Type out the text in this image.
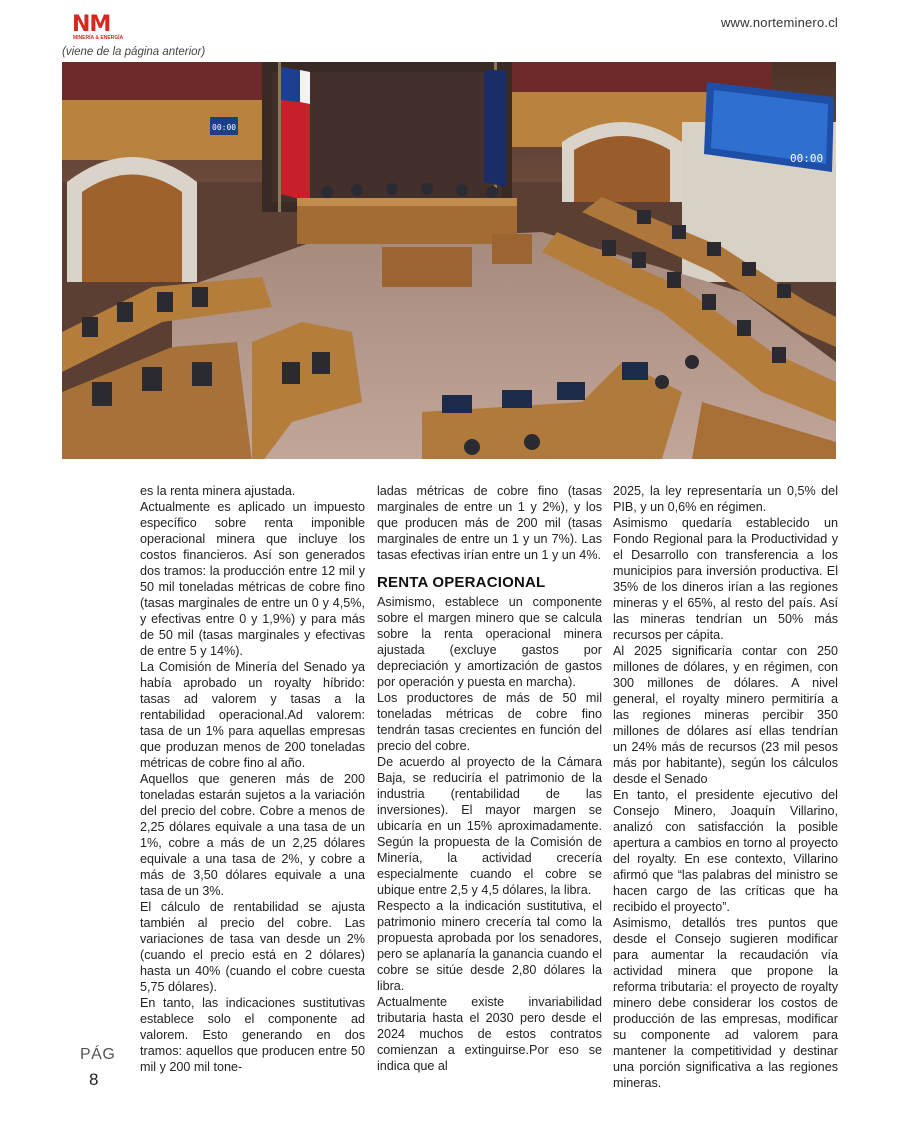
NM
MINERÍA & ENERGÍA
www.norteminero.cl
(viene de la página anterior)
00:00
00:00

es la renta minera ajustada.

Actualmente es aplicado un impuesto específico sobre renta imponible operacional minera que incluye los costos financieros. Así son generados dos tramos: la producción entre 12 mil y 50 mil toneladas métricas de cobre fino (tasas marginales de entre un 0 y 4,5%, y efectivas entre 0 y 1,9%) y para más de 50 mil (tasas marginales y efectivas de entre 5 y 14%).

La Comisión de Minería del Senado ya había aprobado un royalty híbrido: tasas ad valorem y tasas a la rentabilidad operacional.Ad valorem: tasa de un 1% para aquellas empresas que produzan menos de 200 toneladas métricas de cobre fino al año.

Aquellos que generen más de 200 toneladas estarán sujetos a la variación del precio del cobre. Cobre a menos de 2,25 dólares equivale a una tasa de un 1%, cobre a más de un 2,25 dólares equivale a una tasa de 2%, y cobre a más de 3,50 dólares equivale a una tasa de un 3%.

El cálculo de rentabilidad se ajusta también al precio del cobre. Las variaciones de tasa van desde un 2% (cuando el precio está en 2 dólares) hasta un 40% (cuando el cobre cuesta 5,75 dólares).

En tanto, las indicaciones sustitutivas establece solo el componente ad valorem. Esto generando en dos tramos: aquellos que producen entre 50 mil y 200 mil tone-

ladas métricas de cobre fino (tasas marginales de entre un 1 y 2%), y los que producen más de 200 mil (tasas marginales de entre un 1 y un 7%). Las tasas efectivas irían entre un 1 y un 4%.

RENTA OPERACIONAL

Asimismo, establece un componente sobre el margen minero que se calcula sobre la renta operacional minera ajustada (excluye gastos por depreciación y amortización de gastos por operación y puesta en marcha).

Los productores de más de 50 mil toneladas métricas de cobre fino tendrán tasas crecientes en función del precio del cobre.

De acuerdo al proyecto de la Cámara Baja, se reduciría el patrimonio de la industria (rentabilidad de las inversiones). El mayor margen se ubicaría en un 15% aproximadamente. Según la propuesta de la Comisión de Minería, la actividad crecería especialmente cuando el cobre se ubique entre 2,5 y 4,5 dólares, la libra.

Respecto a la indicación sustitutiva, el patrimonio minero crecería tal como la propuesta aprobada por los senadores, pero se aplanaría la ganancia cuando el cobre se sitúe desde 2,80 dólares la libra.

Actualmente existe invariabilidad tributaria hasta el 2030 pero desde el 2024 muchos de estos contratos comienzan a extinguirse.Por eso se indica que al

2025, la ley representaría un 0,5% del PIB, y un 0,6% en régimen.

Asimismo quedaría establecido un Fondo Regional para la Productividad y el Desarrollo con transferencia a los municipios para inversión productiva. El 35% de los dineros irían a las regiones mineras y el 65%, al resto del país. Así las mineras tendrían un 50% más recursos per cápita.

Al 2025 significaría contar con 250 millones de dólares, y en régimen, con 300 millones de dólares. A nivel general, el royalty minero permitiría a las regiones mineras percibir 350 millones de dólares así ellas tendrían un 24% más de recursos (23 mil pesos más por habitante), según los cálculos desde el Senado

En tanto, el presidente ejecutivo del Consejo Minero, Joaquín Villarino, analizó con satisfacción la posible apertura a cambios en torno al proyecto del royalty. En ese contexto, Villarino afirmó que “las palabras del ministro se hacen cargo de las críticas que ha recibido el proyecto”.

Asimismo, detallós tres puntos que desde el Consejo sugieren modificar para aumentar la recaudación vía actividad minera que propone la reforma tributaria: el proyecto de royalty minero debe considerar los costos de producción de las empresas, modificar su componente ad valorem para mantener la competitividad y destinar una porción significativa a las regiones mineras.

PÁG
8
